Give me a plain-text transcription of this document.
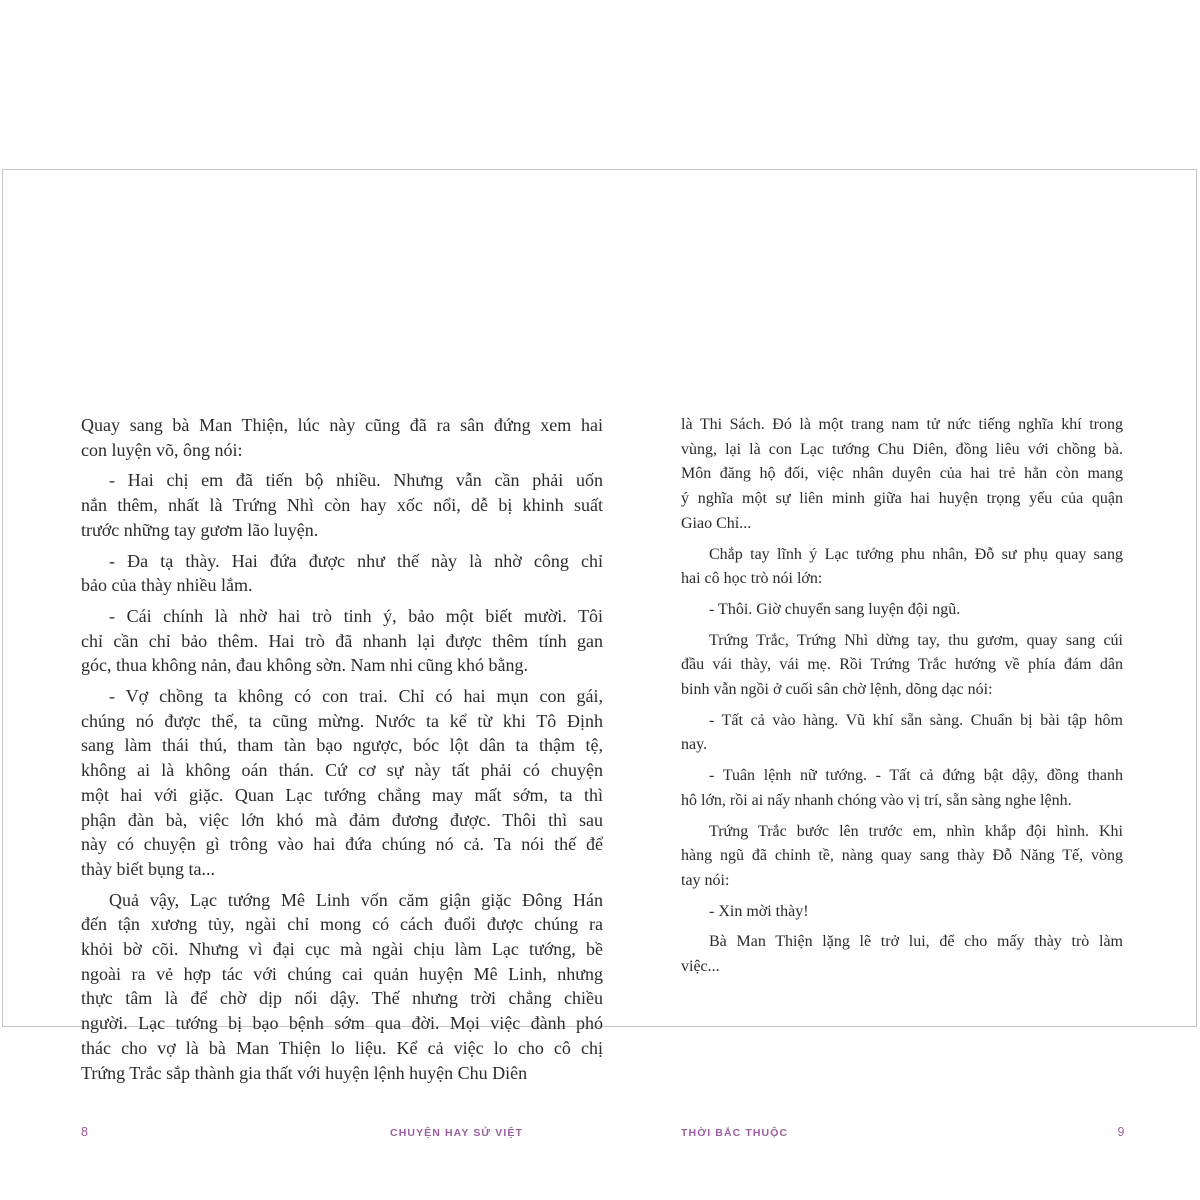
Quay sang bà Man Thiện, lúc này cũng đã ra sân đứng xem hai
con luyện võ, ông nói:
- Hai chị em đã tiến bộ nhiều. Nhưng vẫn cần phải uốn
nắn thêm, nhất là Trứng Nhì còn hay xốc nổi, dễ bị khinh suất
trước những tay gươm lão luyện.
- Đa tạ thày. Hai đứa được như thế này là nhờ công chỉ
bảo của thày nhiều lắm.
- Cái chính là nhờ hai trò tinh ý, bảo một biết mười. Tôi
chỉ cần chỉ bảo thêm. Hai trò đã nhanh lại được thêm tính gan
góc, thua không nản, đau không sờn. Nam nhi cũng khó bằng.
- Vợ chồng ta không có con trai. Chỉ có hai mụn con gái,
chúng nó được thế, ta cũng mừng. Nước ta kể từ khi Tô Định
sang làm thái thú, tham tàn bạo ngược, bóc lột dân ta thậm tệ,
không ai là không oán thán. Cứ cơ sự này tất phải có chuyện
một hai với giặc. Quan Lạc tướng chẳng may mất sớm, ta thì
phận đàn bà, việc lớn khó mà đảm đương được. Thôi thì sau
này có chuyện gì trông vào hai đứa chúng nó cả. Ta nói thế để
thày biết bụng ta...
Quả vậy, Lạc tướng Mê Linh vốn căm giận giặc Đông Hán
đến tận xương tủy, ngài chỉ mong có cách đuổi được chúng ra
khỏi bờ cõi. Nhưng vì đại cục mà ngài chịu làm Lạc tướng, bề
ngoài ra vẻ hợp tác với chúng cai quản huyện Mê Linh, nhưng
thực tâm là để chờ dịp nổi dậy. Thế nhưng trời chẳng chiều
người. Lạc tướng bị bạo bệnh sớm qua đời. Mọi việc đành phó
thác cho vợ là bà Man Thiện lo liệu. Kể cả việc lo cho cô chị
Trứng Trắc sắp thành gia thất với huyện lệnh huyện Chu Diên
là Thi Sách. Đó là một trang nam tử nức tiếng nghĩa khí trong
vùng, lại là con Lạc tướng Chu Diên, đồng liêu với chồng bà.
Môn đăng hộ đối, việc nhân duyên của hai trẻ hẳn còn mang
ý nghĩa một sự liên minh giữa hai huyện trọng yếu của quận
Giao Chỉ...
Chắp tay lĩnh ý Lạc tướng phu nhân, Đỗ sư phụ quay sang
hai cô học trò nói lớn:
- Thôi. Giờ chuyển sang luyện đội ngũ.
Trứng Trắc, Trứng Nhì dừng tay, thu gươm, quay sang cúi
đầu vái thày, vái mẹ. Rồi Trứng Trắc hướng về phía đám dân
binh vẫn ngồi ở cuối sân chờ lệnh, dõng dạc nói:
- Tất cả vào hàng. Vũ khí sẵn sàng. Chuẩn bị bài tập hôm
nay.
- Tuân lệnh nữ tướng. - Tất cả đứng bật dậy, đồng thanh
hô lớn, rồi ai nấy nhanh chóng vào vị trí, sẵn sàng nghe lệnh.
Trứng Trắc bước lên trước em, nhìn khắp đội hình. Khi
hàng ngũ đã chỉnh tề, nàng quay sang thày Đỗ Năng Tế, vòng
tay nói:
- Xin mời thày!
Bà Man Thiện lặng lẽ trở lui, để cho mấy thày trò làm
việc...
8	CHUYỆN HAY SỬ VIỆT	THỜI BẮC THUỘC	9
